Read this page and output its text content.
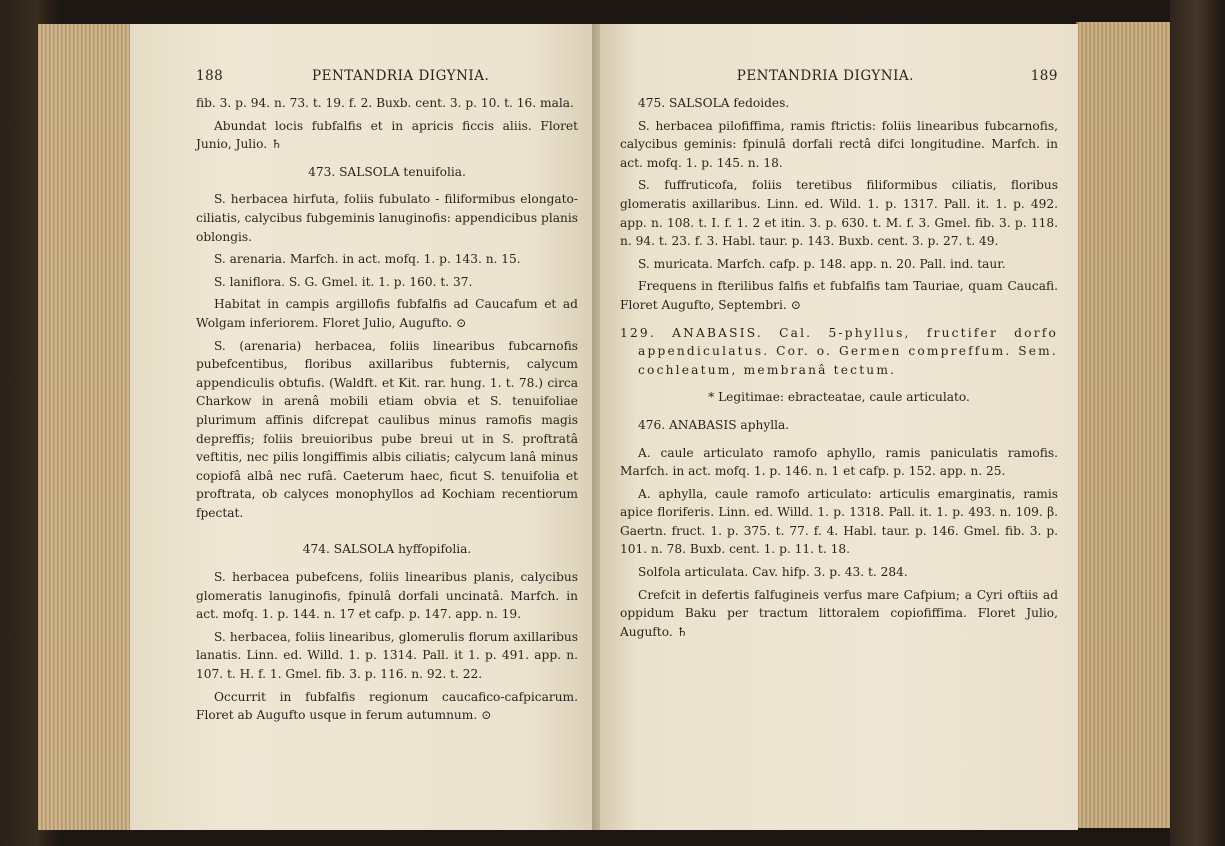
188	PENTANDRIA DIGYNIA.

fib. 3. p. 94. n. 73. t. 19. f. 2. Buxb. cent. 3. p. 10. t. 16. mala.

Abundat locis fubfalfis et in apricis ficcis aliis. Floret Junio, Julio. ♄

473. SALSOLA tenuifolia.

S. herbacea hirfuta, foliis fubulato - filiformibus elongato-ciliatis, calycibus fubgeminis lanuginofis: appendicibus planis oblongis.

S. arenaria. Marfch. in act. mofq. 1. p. 143. n. 15.

S. laniflora. S. G. Gmel. it. 1. p. 160. t. 37.

Habitat in campis argillofis fubfalfis ad Caucafum et ad Wolgam inferiorem. Floret Julio, Augufto. ⊙

S. (arenaria) herbacea, foliis linearibus fubcarnofis pubefcentibus, floribus axillaribus fubternis, calycum appendiculis obtufis. (Waldft. et Kit. rar. hung. 1. t. 78.) circa Charkow in arenâ mobili etiam obvia et S. tenuifoliae plurimum affinis difcrepat caulibus minus ramofis magis depreffis; foliis breuioribus pube breui ut in S. proftratâ veftitis, nec pilis longiffimis albis ciliatis; calycum lanâ minus copiofâ albâ nec rufâ. Caeterum haec, ficut S. tenuifolia et proftrata, ob calyces monophyllos ad Kochiam recentiorum fpectat.

474. SALSOLA hyffopifolia.

S. herbacea pubefcens, foliis linearibus planis, calycibus glomeratis lanuginofis, fpinulâ dorfali uncinatâ. Marfch. in act. mofq. 1. p. 144. n. 17 et cafp. p. 147. app. n. 19.

S. herbacea, foliis linearibus, glomerulis florum axillaribus lanatis. Linn. ed. Willd. 1. p. 1314. Pall. it 1. p. 491. app. n. 107. t. H. f. 1. Gmel. fib. 3. p. 116. n. 92. t. 22.

Occurrit in fubfalfis regionum caucafico-cafpicarum. Floret ab Augufto usque in ferum autumnum. ⊙

PENTANDRIA DIGYNIA.	189

475. SALSOLA fedoides.

S. herbacea pilofiffima, ramis ftrictis: foliis linearibus fubcarnofis, calycibus geminis: fpinulâ dorfali rectâ difci longitudine. Marfch. in act. mofq. 1. p. 145. n. 18.

S. fuffruticofa, foliis teretibus filiformibus ciliatis, floribus glomeratis axillaribus. Linn. ed. Wild. 1. p. 1317. Pall. it. 1. p. 492. app. n. 108. t. I. f. 1. 2 et itin. 3. p. 630. t. M. f. 3. Gmel. fib. 3. p. 118. n. 94. t. 23. f. 3. Habl. taur. p. 143. Buxb. cent. 3. p. 27. t. 49.

S. muricata. Marfch. cafp. p. 148. app. n. 20. Pall. ind. taur.

Frequens in fterilibus falfis et fubfalfis tam Tauriae, quam Caucafi. Floret Augufto, Septembri. ⊙

129. ANABASIS. Cal. 5-phyllus, fructifer dorfo appendiculatus. Cor. o. Germen compreffum. Sem. cochleatum, membranâ tectum.

* Legitimae: ebracteatae, caule articulato.

476. ANABASIS aphylla.

A. caule articulato ramofo aphyllo, ramis paniculatis ramofis. Marfch. in act. mofq. 1. p. 146. n. 1 et cafp. p. 152. app. n. 25.

A. aphylla, caule ramofo articulato: articulis emarginatis, ramis apice floriferis. Linn. ed. Willd. 1. p. 1318. Pall. it. 1. p. 493. n. 109. β. Gaertn. fruct. 1. p. 375. t. 77. f. 4. Habl. taur. p. 146. Gmel. fib. 3. p. 101. n. 78. Buxb. cent. 1. p. 11. t. 18.

Solfola articulata. Cav. hifp. 3. p. 43. t. 284.

Crefcit in defertis falfugineis verfus mare Cafpium; a Cyri oftiis ad oppidum Baku per tractum littoralem copiofiffima. Floret Julio, Augufto. ♄
